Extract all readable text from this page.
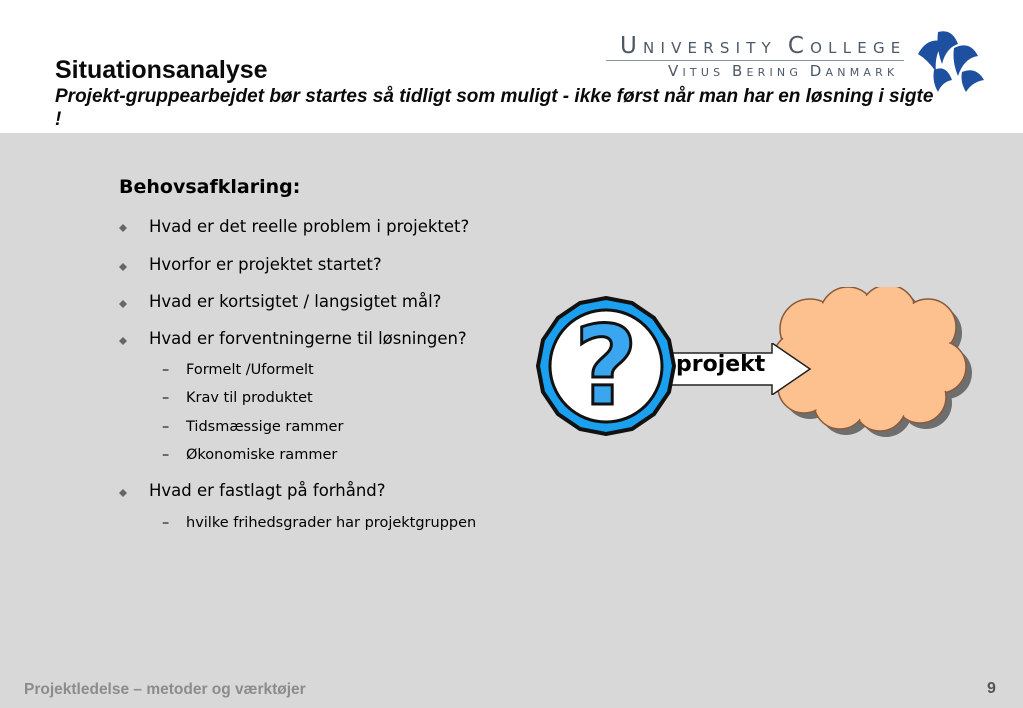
Situationsanalyse

Projekt-gruppearbejdet bør startes så tidligt som muligt - ikke først når man har en løsning i sigte !

UNIVERSITY COLLEGE
VITUS BERING DANMARK
Behovsafklaring:
Hvad er det reelle problem i projektet?
Hvorfor er projektet startet?
Hvad er kortsigtet / langsigtet mål?
Hvad er forventningerne til løsningen?
– Formelt /Uformelt
– Krav til produktet
– Tidsmæssige rammer
– Økonomiske rammer
Hvad er fastlagt på forhånd?
– hvilke frihedsgrader har projektgruppen
projekt
?
Projektledelse – metoder og værktøjer	9
